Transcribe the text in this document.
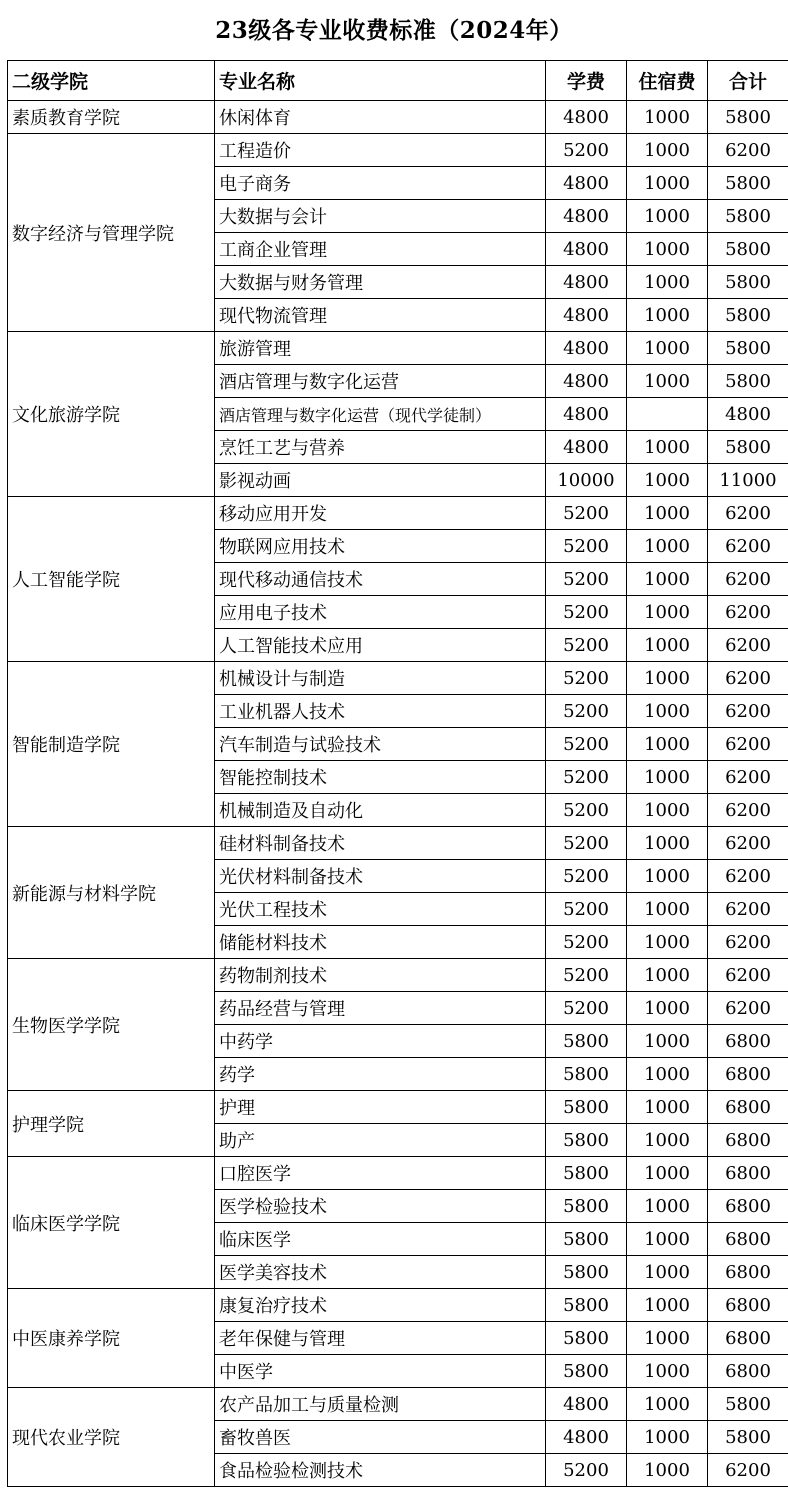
23级各专业收费标准（2024年）
二级学院	专业名称	学费	住宿费	合计
素质教育学院	休闲体育	4800	1000	5800
数字经济与管理学院	工程造价	5200	1000	6200
	电子商务	4800	1000	5800
	大数据与会计	4800	1000	5800
	工商企业管理	4800	1000	5800
	大数据与财务管理	4800	1000	5800
	现代物流管理	4800	1000	5800
文化旅游学院	旅游管理	4800	1000	5800
	酒店管理与数字化运营	4800	1000	5800
	酒店管理与数字化运营（现代学徒制）	4800		4800
	烹饪工艺与营养	4800	1000	5800
	影视动画	10000	1000	11000
人工智能学院	移动应用开发	5200	1000	6200
	物联网应用技术	5200	1000	6200
	现代移动通信技术	5200	1000	6200
	应用电子技术	5200	1000	6200
	人工智能技术应用	5200	1000	6200
智能制造学院	机械设计与制造	5200	1000	6200
	工业机器人技术	5200	1000	6200
	汽车制造与试验技术	5200	1000	6200
	智能控制技术	5200	1000	6200
	机械制造及自动化	5200	1000	6200
新能源与材料学院	硅材料制备技术	5200	1000	6200
	光伏材料制备技术	5200	1000	6200
	光伏工程技术	5200	1000	6200
	储能材料技术	5200	1000	6200
生物医学学院	药物制剂技术	5200	1000	6200
	药品经营与管理	5200	1000	6200
	中药学	5800	1000	6800
	药学	5800	1000	6800
护理学院	护理	5800	1000	6800
	助产	5800	1000	6800
临床医学学院	口腔医学	5800	1000	6800
	医学检验技术	5800	1000	6800
	临床医学	5800	1000	6800
	医学美容技术	5800	1000	6800
中医康养学院	康复治疗技术	5800	1000	6800
	老年保健与管理	5800	1000	6800
	中医学	5800	1000	6800
现代农业学院	农产品加工与质量检测	4800	1000	5800
	畜牧兽医	4800	1000	5800
	食品检验检测技术	5200	1000	6200
